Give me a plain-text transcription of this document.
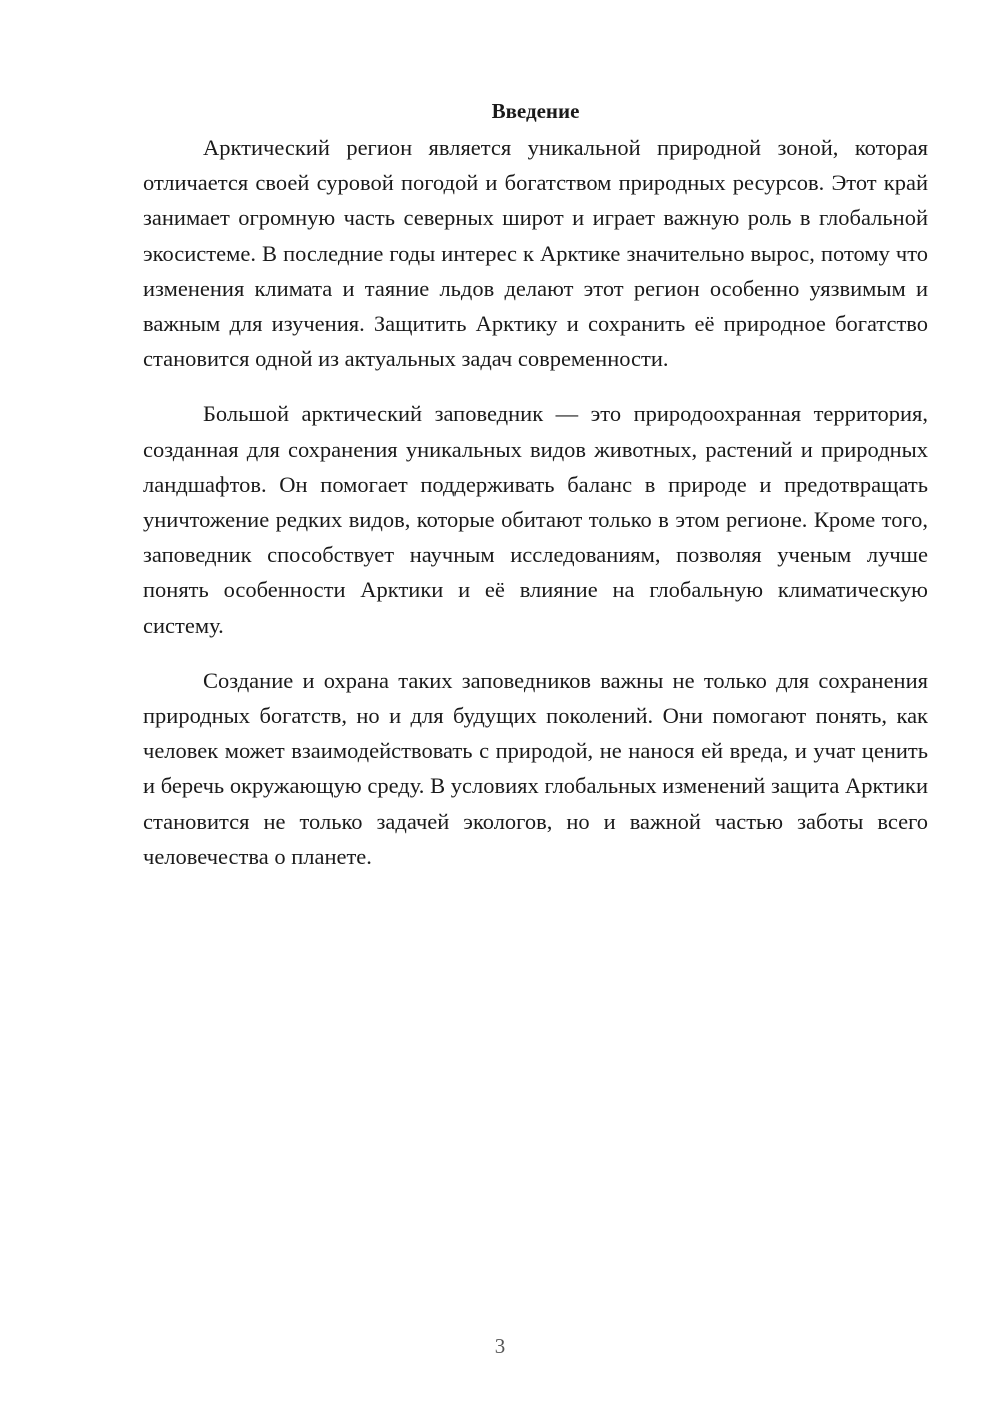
Введение

Арктический регион является уникальной природной зоной, которая отличается своей суровой погодой и богатством природных ресурсов. Этот край занимает огромную часть северных широт и играет важную роль в глобальной экосистеме. В последние годы интерес к Арктике значительно вырос, потому что изменения климата и таяние льдов делают этот регион особенно уязвимым и важным для изучения. Защитить Арктику и сохранить её природное богатство становится одной из актуальных задач современности.

Большой арктический заповедник — это природоохранная территория, созданная для сохранения уникальных видов животных, растений и природных ландшафтов. Он помогает поддерживать баланс в природе и предотвращать уничтожение редких видов, которые обитают только в этом регионе. Кроме того, заповедник способствует научным исследованиям, позволяя ученым лучше понять особенности Арктики и её влияние на глобальную климатическую систему.

Создание и охрана таких заповедников важны не только для сохранения природных богатств, но и для будущих поколений. Они помогают понять, как человек может взаимодействовать с природой, не нанося ей вреда, и учат ценить и беречь окружающую среду. В условиях глобальных изменений защита Арктики становится не только задачей экологов, но и важной частью заботы всего человечества о планете.

3
